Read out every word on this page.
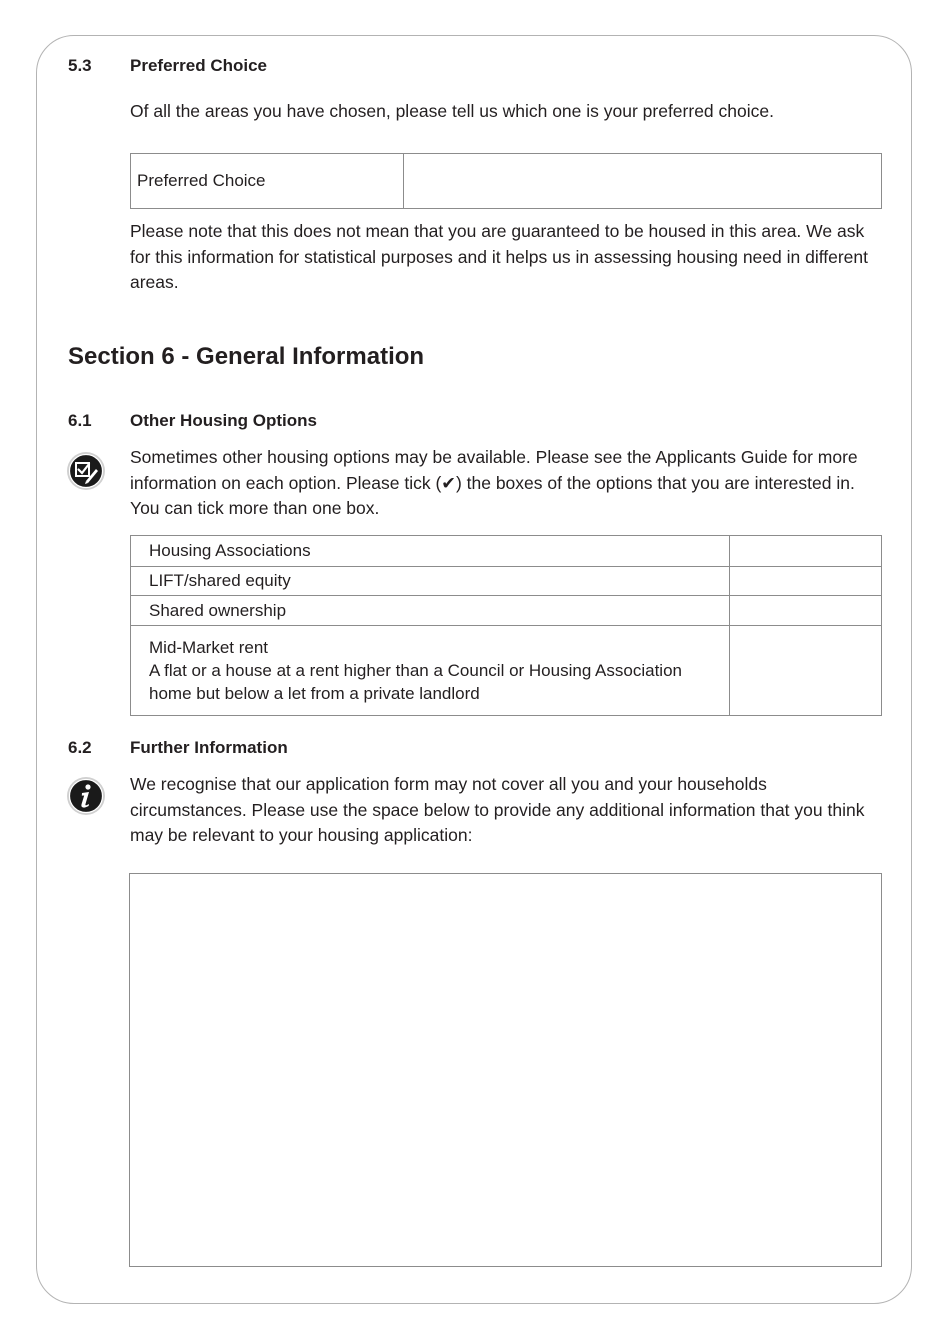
5.3 Preferred Choice
Of all the areas you have chosen, please tell us which one is your preferred choice.
Preferred Choice	
Please note that this does not mean that you are guaranteed to be housed in this area. We ask for this information for statistical purposes and it helps us in assessing housing need in different areas.
Section 6 - General Information
6.1 Other Housing Options
Sometimes other housing options may be available. Please see the Applicants Guide for more information on each option. Please tick (✔) the boxes of the options that you are interested in. You can tick more than one box.
Housing Associations	
LIFT/shared equity	
Shared ownership	

Mid-Market rent
A flat or a house at a rent higher than a Council or Housing Association home but below a let from a private landlord	

6.2 Further Information
We recognise that our application form may not cover all you and your households circumstances. Please use the space below to provide any additional information that you think may be relevant to your housing application:
